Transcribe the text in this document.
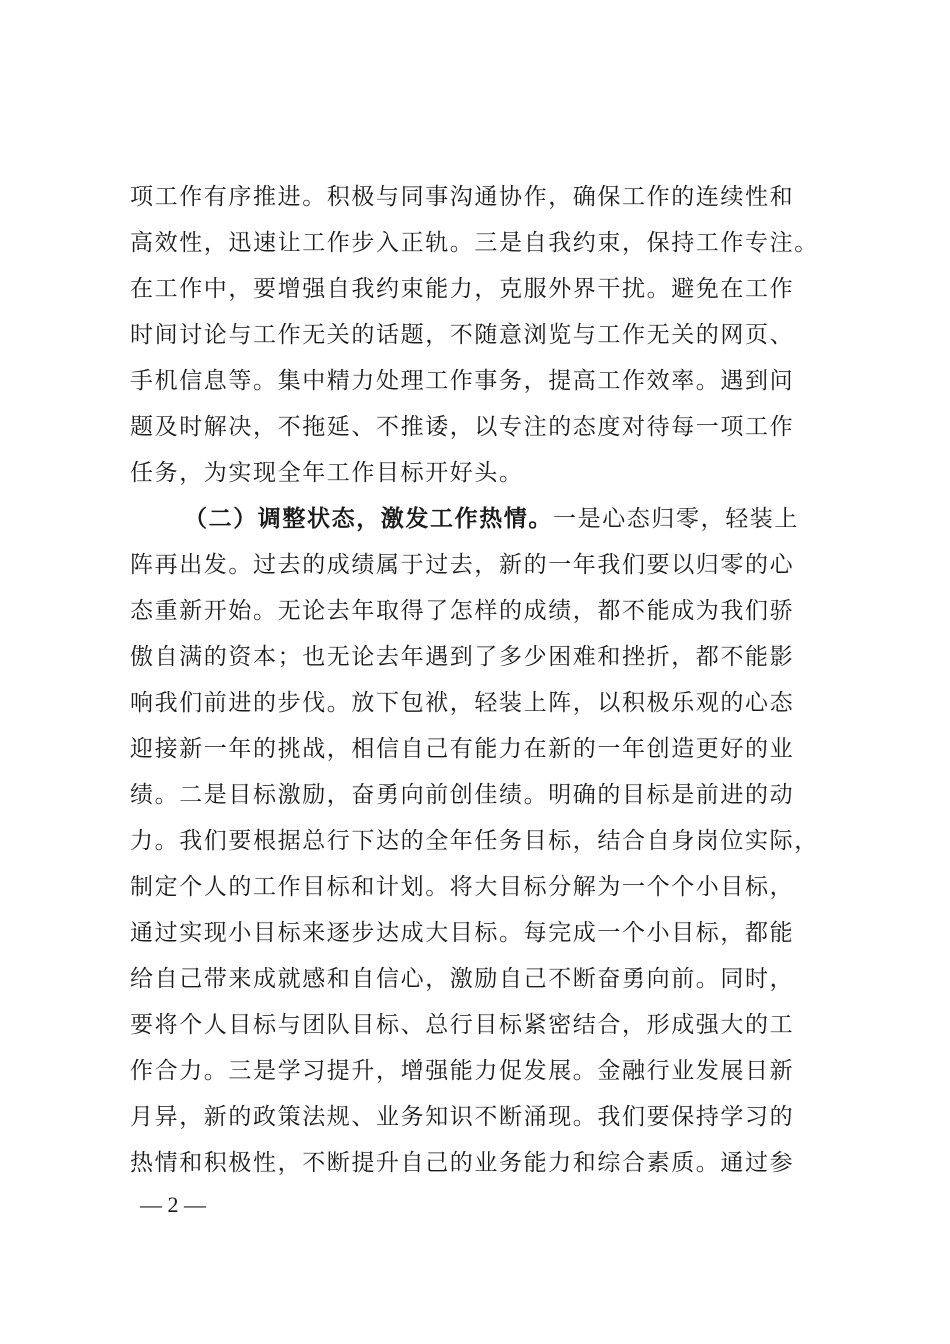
项工作有序推进。积极与同事沟通协作，确保工作的连续性和
高效性，迅速让工作步入正轨。三是自我约束，保持工作专注。
在工作中，要增强自我约束能力，克服外界干扰。避免在工作
时间讨论与工作无关的话题，不随意浏览与工作无关的网页、
手机信息等。集中精力处理工作事务，提高工作效率。遇到问
题及时解决，不拖延、不推诿，以专注的态度对待每一项工作
任务，为实现全年工作目标开好头。
（二）调整状态，激发工作热情。一是心态归零，轻装上
阵再出发。过去的成绩属于过去，新的一年我们要以归零的心
态重新开始。无论去年取得了怎样的成绩，都不能成为我们骄
傲自满的资本；也无论去年遇到了多少困难和挫折，都不能影
响我们前进的步伐。放下包袱，轻装上阵，以积极乐观的心态
迎接新一年的挑战，相信自己有能力在新的一年创造更好的业
绩。二是目标激励，奋勇向前创佳绩。明确的目标是前进的动
力。我们要根据总行下达的全年任务目标，结合自身岗位实际，
制定个人的工作目标和计划。将大目标分解为一个个小目标，
通过实现小目标来逐步达成大目标。每完成一个小目标，都能
给自己带来成就感和自信心，激励自己不断奋勇向前。同时，
要将个人目标与团队目标、总行目标紧密结合，形成强大的工
作合力。三是学习提升，增强能力促发展。金融行业发展日新
月异，新的政策法规、业务知识不断涌现。我们要保持学习的
热情和积极性，不断提升自己的业务能力和综合素质。通过参
— 2 —
